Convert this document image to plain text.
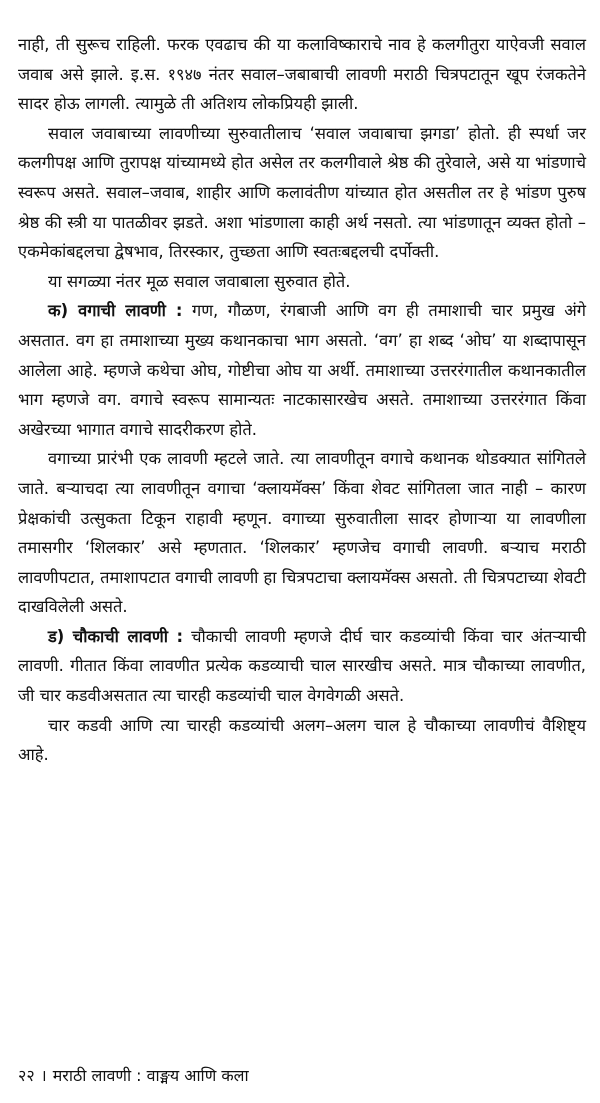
नाही, ती सुरूच राहिली. फरक एवढाच की या कलाविष्काराचे नाव हे कलगीतुरा याऐवजी सवाल जवाब असे झाले. इ.स. १९४७ नंतर सवाल–जबाबाची लावणी मराठी चित्रपटातून खूप रंजकतेने सादर होऊ लागली. त्यामुळे ती अतिशय लोकप्रियही झाली.

सवाल जवाबाच्या लावणीच्या सुरुवातीलाच ‘सवाल जवाबाचा झगडा’ होतो. ही स्पर्धा जर कलगीपक्ष आणि तुरापक्ष यांच्यामध्ये होत असेल तर कलगीवाले श्रेष्ठ की तुरेवाले, असे या भांडणाचे स्वरूप असते. सवाल–जवाब, शाहीर आणि कलावंतीण यांच्यात होत असतील तर हे भांडण पुरुष श्रेष्ठ की स्त्री या पातळीवर झडते. अशा भांडणाला काही अर्थ नसतो. त्या भांडणातून व्यक्त होतो – एकमेकांबद्दलचा द्वेषभाव, तिरस्कार, तुच्छता आणि स्वतःबद्दलची दर्पोक्ती.

या सगळ्या नंतर मूळ सवाल जवाबाला सुरुवात होते.

क) वगाची लावणी : गण, गौळण, रंगबाजी आणि वग ही तमाशाची चार प्रमुख अंगे असतात. वग हा तमाशाच्या मुख्य कथानकाचा भाग असतो. ‘वग’ हा शब्द ‘ओघ’ या शब्दापासून आलेला आहे. म्हणजे कथेचा ओघ, गोष्टीचा ओघ या अर्थी. तमाशाच्या उत्तररंगातील कथानकातील भाग म्हणजे वग. वगाचे स्वरूप सामान्यतः नाटकासारखेच असते. तमाशाच्या उत्तररंगात किंवा अखेरच्या भागात वगाचे सादरीकरण होते.

वगाच्या प्रारंभी एक लावणी म्हटले जाते. त्या लावणीतून वगाचे कथानक थोडक्यात सांगितले जाते. बऱ्याचदा त्या लावणीतून वगाचा ‘क्लायमॅक्स’ किंवा शेवट सांगितला जात नाही – कारण प्रेक्षकांची उत्सुकता टिकून राहावी म्हणून. वगाच्या सुरुवातीला सादर होणाऱ्या या लावणीला तमासगीर ‘शिलकार’ असे म्हणतात. ‘शिलकार’ म्हणजेच वगाची लावणी. बऱ्याच मराठी लावणीपटात, तमाशापटात वगाची लावणी हा चित्रपटाचा क्लायमॅक्स असतो. ती चित्रपटाच्या शेवटी दाखविलेली असते.

ड) चौकाची लावणी : चौकाची लावणी म्हणजे दीर्घ चार कडव्यांची किंवा चार अंतऱ्याची लावणी. गीतात किंवा लावणीत प्रत्येक कडव्याची चाल सारखीच असते. मात्र चौकाच्या लावणीत, जी चार कडवीअसतात त्या चारही कडव्यांची चाल वेगवेगळी असते.

चार कडवी आणि त्या चारही कडव्यांची अलग–अलग चाल हे चौकाच्या लावणीचं वैशिष्ट्य आहे.

२२ । मराठी लावणी : वाङ्मय आणि कला
